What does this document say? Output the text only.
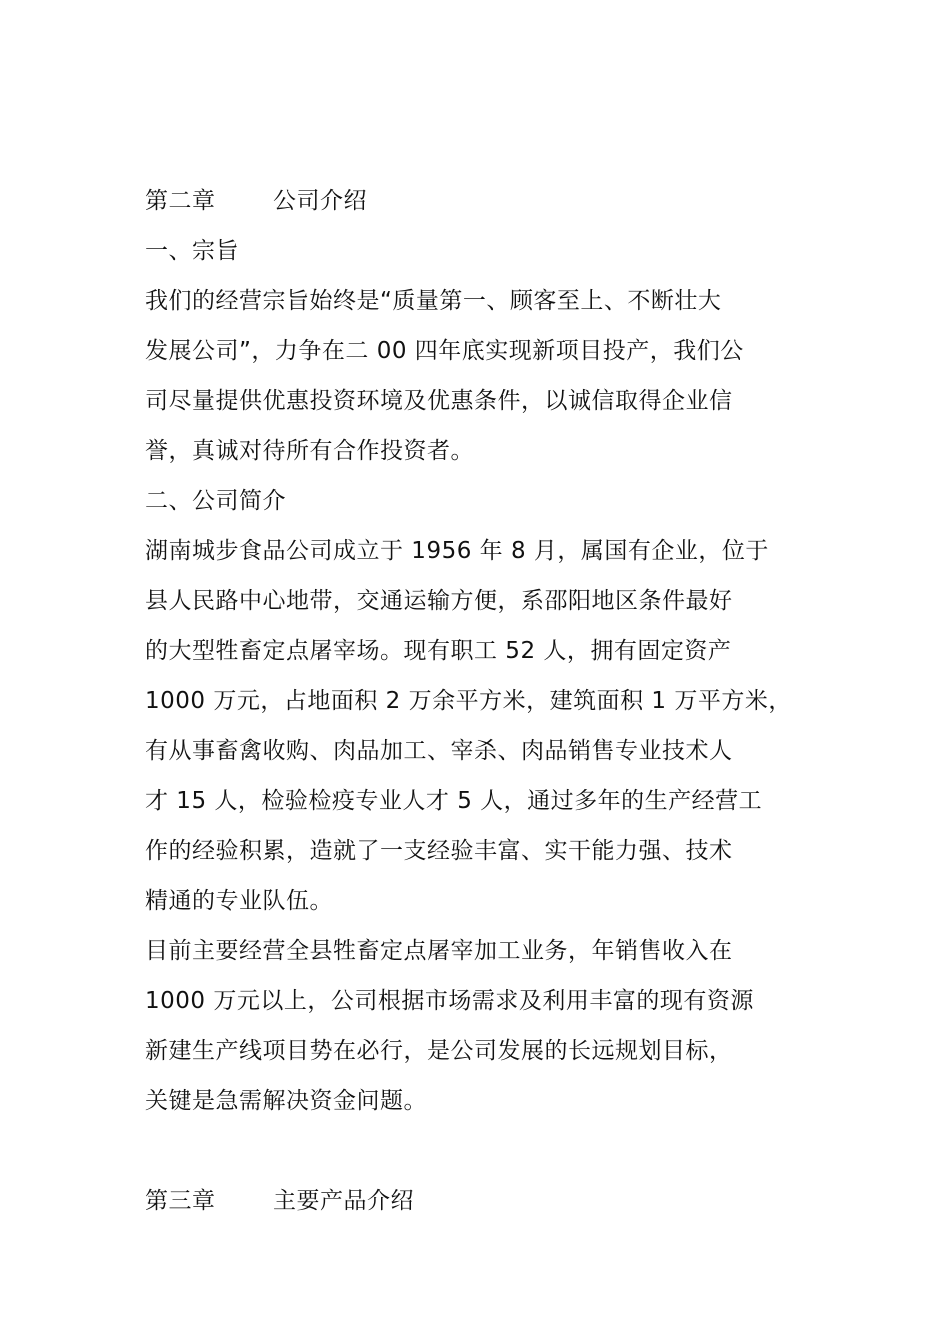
第二章	公司介绍
一、宗旨
我们的经营宗旨始终是“质量第一、顾客至上、不断壮大
发展公司”，力争在二 00 四年底实现新项目投产，我们公
司尽量提供优惠投资环境及优惠条件，以诚信取得企业信
誉，真诚对待所有合作投资者。
二、公司简介
湖南城步食品公司成立于 1956 年 8 月，属国有企业，位于
县人民路中心地带，交通运输方便，系邵阳地区条件最好
的大型牲畜定点屠宰场。现有职工 52 人，拥有固定资产
1000 万元，占地面积 2 万余平方米，建筑面积 1 万平方米，
有从事畜禽收购、肉品加工、宰杀、肉品销售专业技术人
才 15 人，检验检疫专业人才 5 人，通过多年的生产经营工
作的经验积累，造就了一支经验丰富、实干能力强、技术
精通的专业队伍。
目前主要经营全县牲畜定点屠宰加工业务，年销售收入在
1000 万元以上，公司根据市场需求及利用丰富的现有资源
新建生产线项目势在必行，是公司发展的长远规划目标，
关键是急需解决资金问题。
第三章	主要产品介绍
